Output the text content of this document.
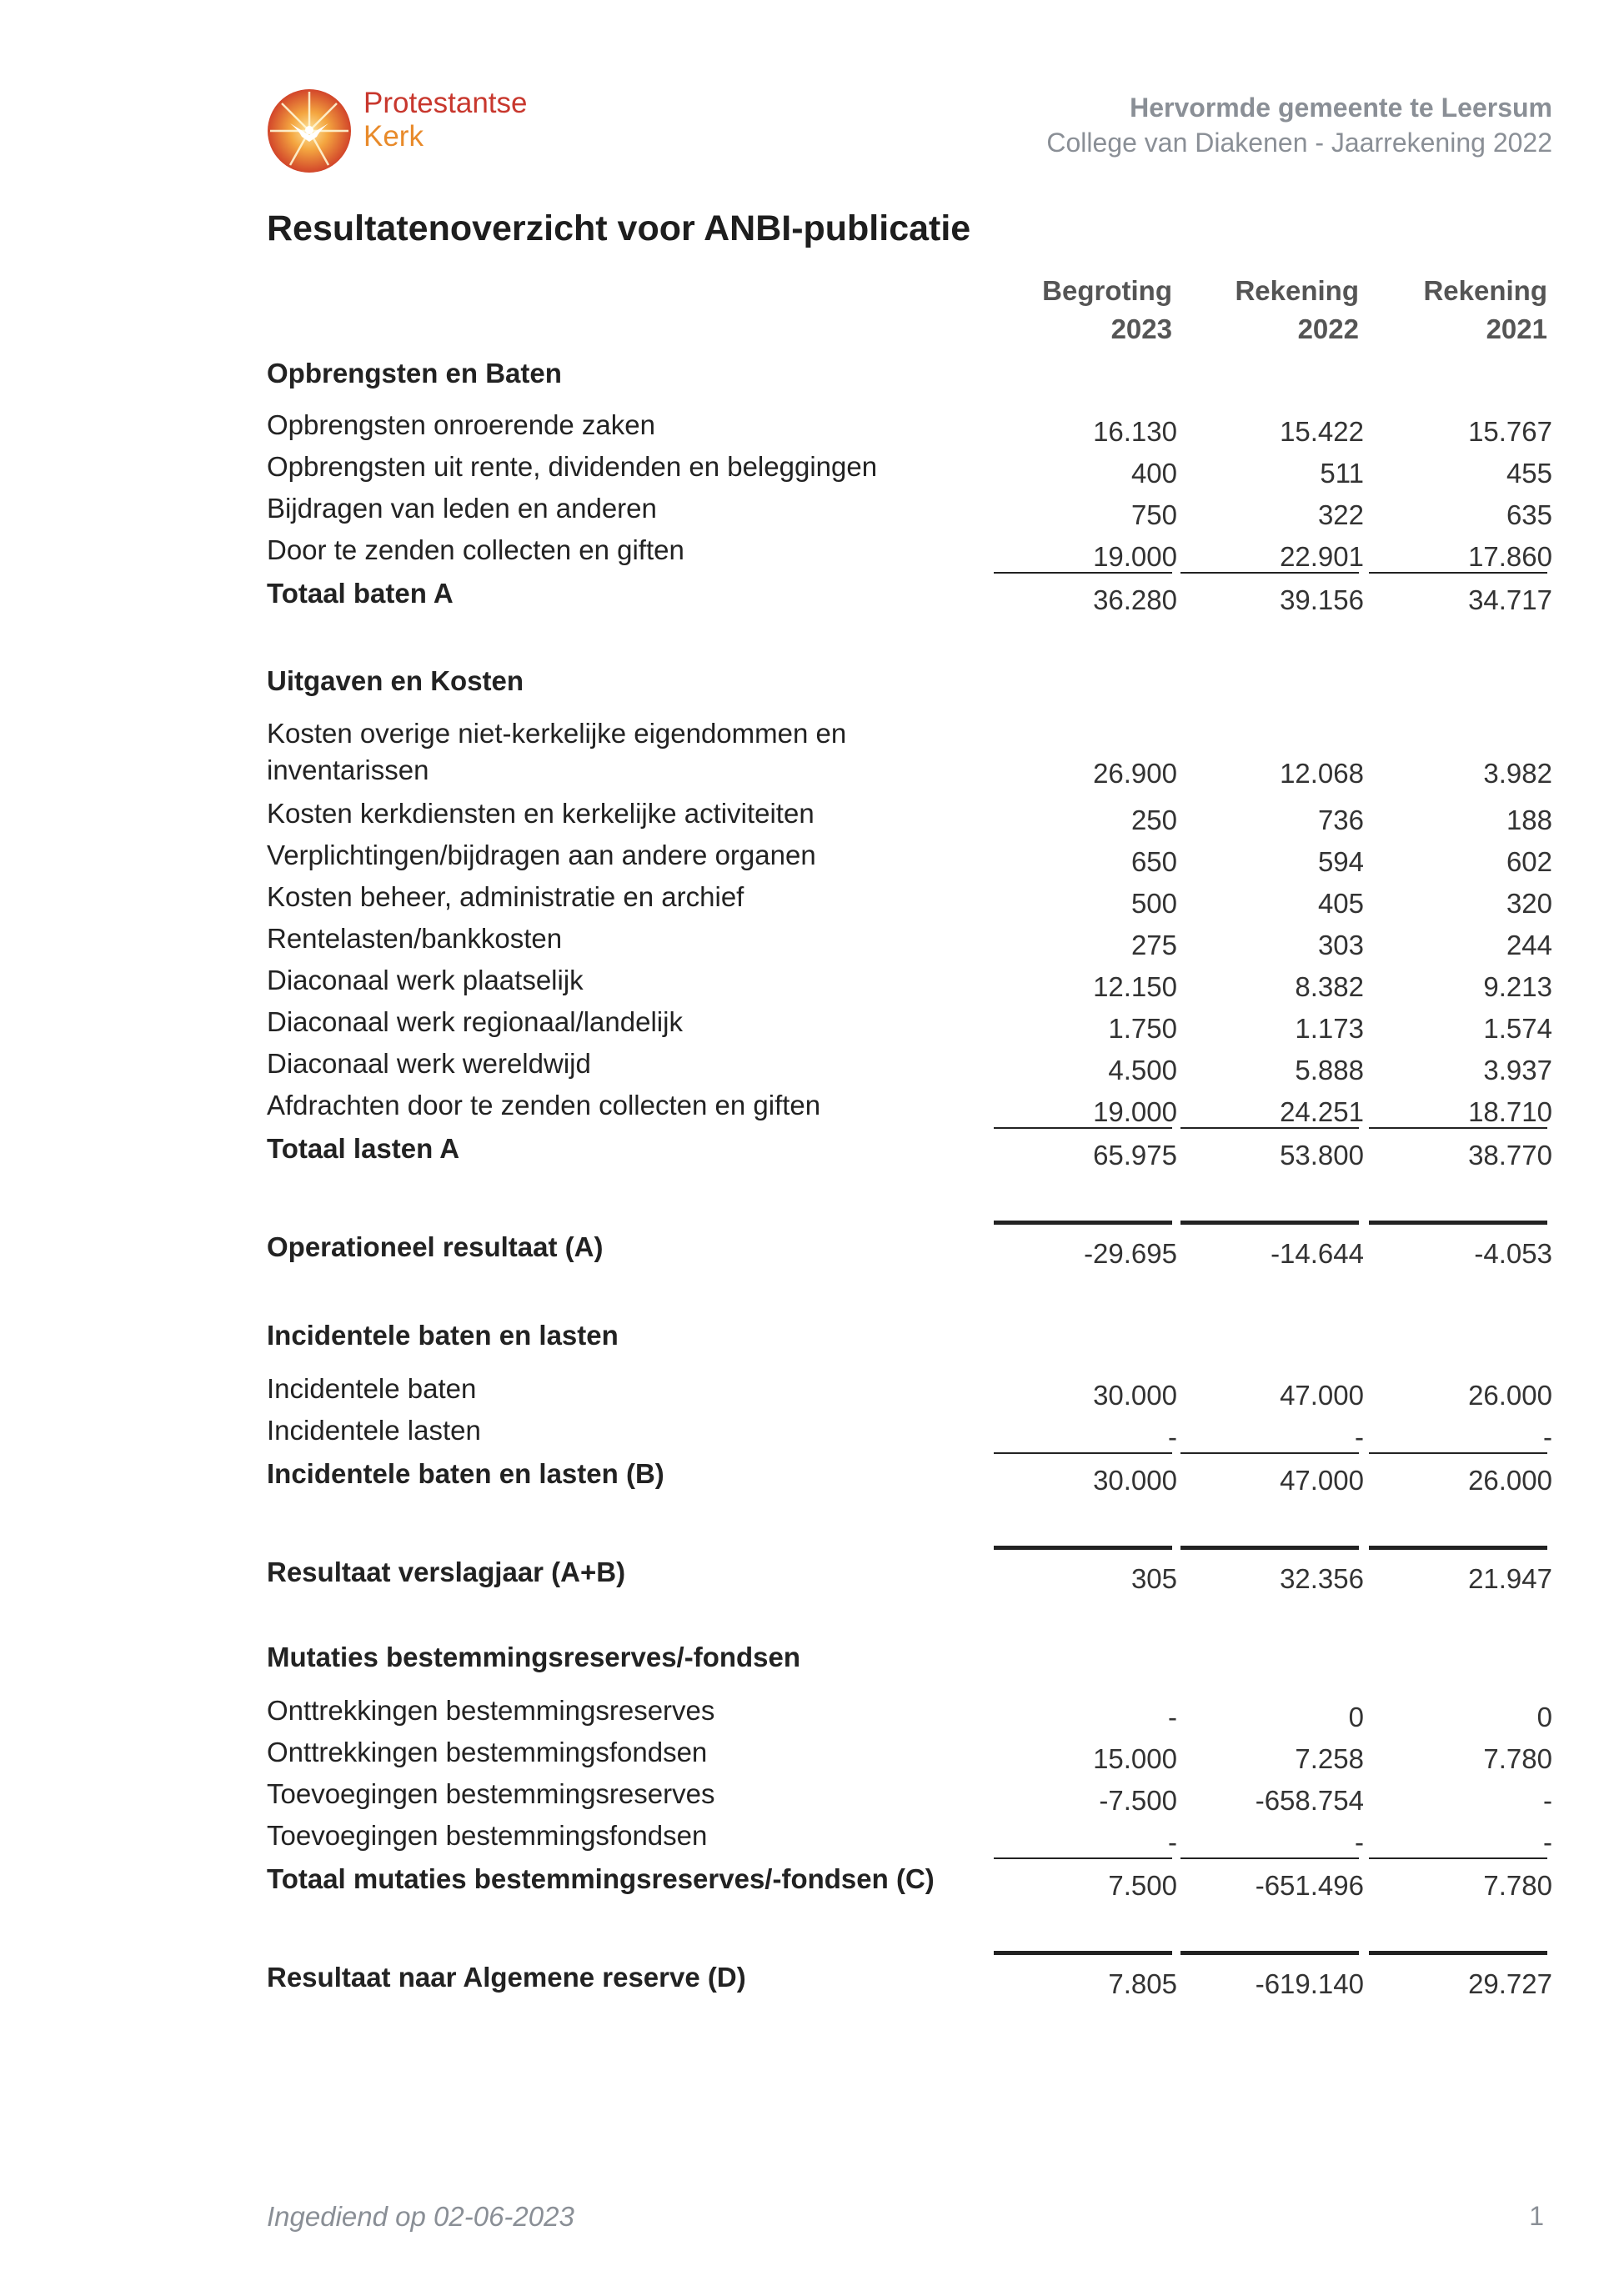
Protestantse
Kerk
Hervormde gemeente te Leersum
College van Diakenen - Jaarrekening 2022
Resultatenoverzicht voor ANBI-publicatie
Begroting
2023
Rekening
2022
Rekening
2021
Opbrengsten en Baten
Opbrengsten onroerende zaken	16.130	15.422	15.767
Opbrengsten uit rente, dividenden en beleggingen	400	511	455
Bijdragen van leden en anderen	750	322	635
Door te zenden collecten en giften	19.000	22.901	17.860
Totaal baten A	36.280	39.156	34.717
Uitgaven en Kosten
Kosten overige niet-kerkelijke eigendommen en
inventarissen	26.900	12.068	3.982
Kosten kerkdiensten en kerkelijke activiteiten	250	736	188
Verplichtingen/bijdragen aan andere organen	650	594	602
Kosten beheer, administratie en archief	500	405	320
Rentelasten/bankkosten	275	303	244
Diaconaal werk plaatselijk	12.150	8.382	9.213
Diaconaal werk regionaal/landelijk	1.750	1.173	1.574
Diaconaal werk wereldwijd	4.500	5.888	3.937
Afdrachten door te zenden collecten en giften	19.000	24.251	18.710
Totaal lasten A	65.975	53.800	38.770
Operationeel resultaat (A)	-29.695	-14.644	-4.053
Incidentele baten en lasten
Incidentele baten	30.000	47.000	26.000
Incidentele lasten	-	-	-
Incidentele baten en lasten (B)	30.000	47.000	26.000
Resultaat verslagjaar (A+B)	305	32.356	21.947
Mutaties bestemmingsreserves/-fondsen
Onttrekkingen bestemmingsreserves	-	0	0
Onttrekkingen bestemmingsfondsen	15.000	7.258	7.780
Toevoegingen bestemmingsreserves	-7.500	-658.754	-
Toevoegingen bestemmingsfondsen	-	-	-
Totaal mutaties bestemmingsreserves/-fondsen (C)	7.500	-651.496	7.780
Resultaat naar Algemene reserve (D)	7.805	-619.140	29.727
Ingediend op 02-06-2023	1
